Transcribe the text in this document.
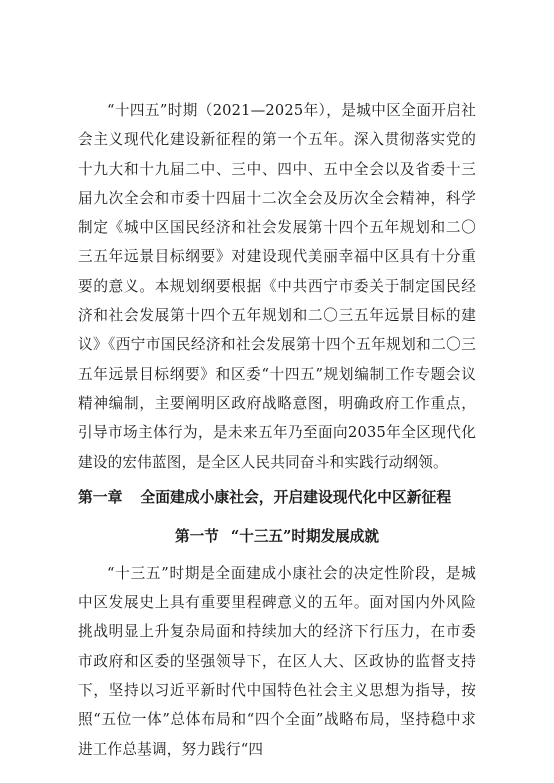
“十四五”时期（2021—2025年），是城中区全面开启社会主义现代化建设新征程的第一个五年。深入贯彻落实党的十九大和十九届二中、三中、四中、五中全会以及省委十三届九次全会和市委十四届十二次全会及历次全会精神，科学制定《城中区国民经济和社会发展第十四个五年规划和二〇三五年远景目标纲要》对建设现代美丽幸福中区具有十分重要的意义。本规划纲要根据《中共西宁市委关于制定国民经济和社会发展第十四个五年规划和二〇三五年远景目标的建议》《西宁市国民经济和社会发展第十四个五年规划和二〇三五年远景目标纲要》和区委“十四五”规划编制工作专题会议精神编制，主要阐明区政府战略意图，明确政府工作重点，引导市场主体行为，是未来五年乃至面向2035年全区现代化建设的宏伟蓝图，是全区人民共同奋斗和实践行动纲领。

第一章 全面建成小康社会，开启建设现代化中区新征程
第一节 “十三五”时期发展成就

“十三五”时期是全面建成小康社会的决定性阶段，是城中区发展史上具有重要里程碑意义的五年。面对国内外风险挑战明显上升复杂局面和持续加大的经济下行压力，在市委市政府和区委的坚强领导下，在区人大、区政协的监督支持下，坚持以习近平新时代中国特色社会主义思想为指导，按照“五位一体”总体布局和“四个全面”战略布局，坚持稳中求进工作总基调，努力践行“四
